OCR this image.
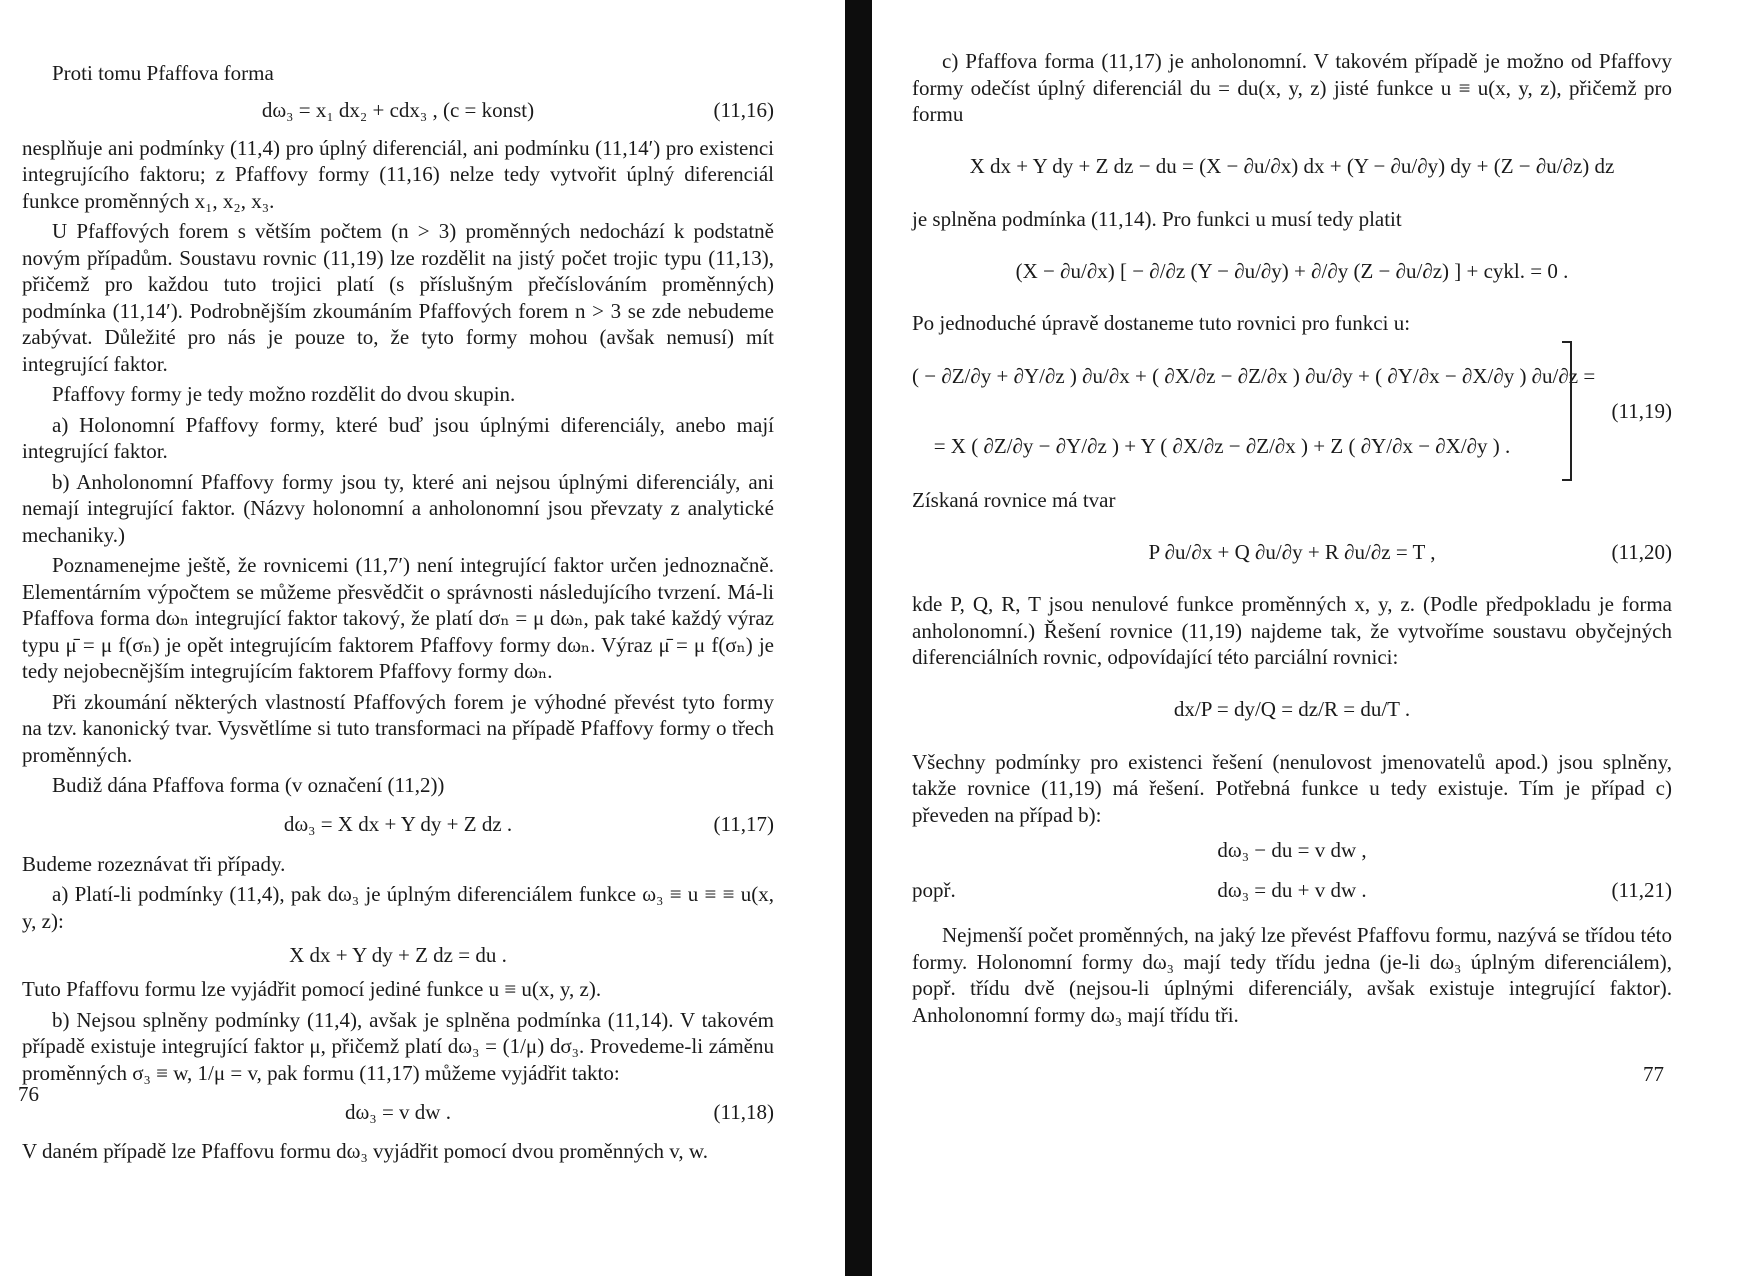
Proti tomu Pfaffova forma

dω₃ = x₁ dx₂ + cdx₃ , (c = konst)	(11,16)

nesplňuje ani podmínky (11,4) pro úplný diferenciál, ani podmínku (11,14′) pro existenci integrujícího faktoru; z Pfaffovy formy (11,16) nelze tedy vytvořit úplný diferenciál funkce proměnných x₁, x₂, x₃.

U Pfaffových forem s větším počtem (n > 3) proměnných nedochází k podstatně novým případům. Soustavu rovnic (11,19) lze rozdělit na jistý počet trojic typu (11,13), přičemž pro každou tuto trojici platí (s příslušným přečíslováním proměnných) podmínka (11,14′). Podrobnějším zkoumáním Pfaffových forem n > 3 se zde nebudeme zabývat. Důležité pro nás je pouze to, že tyto formy mohou (avšak nemusí) mít integrující faktor.

Pfaffovy formy je tedy možno rozdělit do dvou skupin.

a) Holonomní Pfaffovy formy, které buď jsou úplnými diferenciály, anebo mají integrující faktor.

b) Anholonomní Pfaffovy formy jsou ty, které ani nejsou úplnými diferenciály, ani nemají integrující faktor. (Názvy holonomní a anholonomní jsou převzaty z analytické mechaniky.)

Poznamenejme ještě, že rovnicemi (11,7′) není integrující faktor určen jednoznačně. Elementárním výpočtem se můžeme přesvědčit o správnosti následujícího tvrzení. Má-li Pfaffova forma dωₙ integrující faktor takový, že platí dσₙ = μ dωₙ, pak také každý výraz typu μ̄ = μ f(σₙ) je opět integrujícím faktorem Pfaffovy formy dωₙ. Výraz μ̄ = μ f(σₙ) je tedy nejobecnějším integrujícím faktorem Pfaffovy formy dωₙ.

Při zkoumání některých vlastností Pfaffových forem je výhodné převést tyto formy na tzv. kanonický tvar. Vysvětlíme si tuto transformaci na případě Pfaffovy formy o třech proměnných.

Budiž dána Pfaffova forma (v označení (11,2))

dω₃ = X dx + Y dy + Z dz .	(11,17)

Budeme rozeznávat tři případy.

a) Platí-li podmínky (11,4), pak dω₃ je úplným diferenciálem funkce ω₃ ≡ u ≡ ≡ u(x, y, z):

X dx + Y dy + Z dz = du .

Tuto Pfaffovu formu lze vyjádřit pomocí jediné funkce u ≡ u(x, y, z).

b) Nejsou splněny podmínky (11,4), avšak je splněna podmínka (11,14). V takovém případě existuje integrující faktor μ, přičemž platí dω₃ = (1/μ) dσ₃. Provedeme-li záměnu proměnných σ₃ ≡ w, 1/μ = v, pak formu (11,17) můžeme vyjádřit takto:

dω₃ = v dw .	(11,18)

V daném případě lze Pfaffovu formu dω₃ vyjádřit pomocí dvou proměnných v, w.

76

c) Pfaffova forma (11,17) je anholonomní. V takovém případě je možno od Pfaffovy formy odečíst úplný diferenciál du = du(x, y, z) jisté funkce u ≡ u(x, y, z), přičemž pro formu

X dx + Y dy + Z dz − du = (X − ∂u/∂x) dx + (Y − ∂u/∂y) dy + (Z − ∂u/∂z) dz

je splněna podmínka (11,14). Pro funkci u musí tedy platit

(X − ∂u/∂x) [ − ∂/∂z (Y − ∂u/∂y) + ∂/∂y (Z − ∂u/∂z) ] + cykl. = 0 .

Po jednoduché úpravě dostaneme tuto rovnici pro funkci u:

( − ∂Z/∂y + ∂Y/∂z ) ∂u/∂x + ( ∂X/∂z − ∂Z/∂x ) ∂u/∂y + ( ∂Y/∂x − ∂X/∂y ) ∂u/∂z =
= X ( ∂Z/∂y − ∂Y/∂z ) + Y ( ∂X/∂z − ∂Z/∂x ) + Z ( ∂Y/∂x − ∂X/∂y ) .
(11,19)

Získaná rovnice má tvar

P ∂u/∂x + Q ∂u/∂y + R ∂u/∂z = T ,	(11,20)

kde P, Q, R, T jsou nenulové funkce proměnných x, y, z. (Podle předpokladu je forma anholonomní.) Řešení rovnice (11,19) najdeme tak, že vytvoříme soustavu obyčejných diferenciálních rovnic, odpovídající této parciální rovnici:

dx/P = dy/Q = dz/R = du/T .

Všechny podmínky pro existenci řešení (nenulovost jmenovatelů apod.) jsou splněny, takže rovnice (11,19) má řešení. Potřebná funkce u tedy existuje. Tím je případ c) převeden na případ b):

dω₃ − du = v dw ,
popř.	dω₃ = du + v dw .	(11,21)

Nejmenší počet proměnných, na jaký lze převést Pfaffovu formu, nazývá se třídou této formy. Holonomní formy dω₃ mají tedy třídu jedna (je-li dω₃ úplným diferenciálem), popř. třídu dvě (nejsou-li úplnými diferenciály, avšak existuje integrující faktor). Anholonomní formy dω₃ mají třídu tři.

77
